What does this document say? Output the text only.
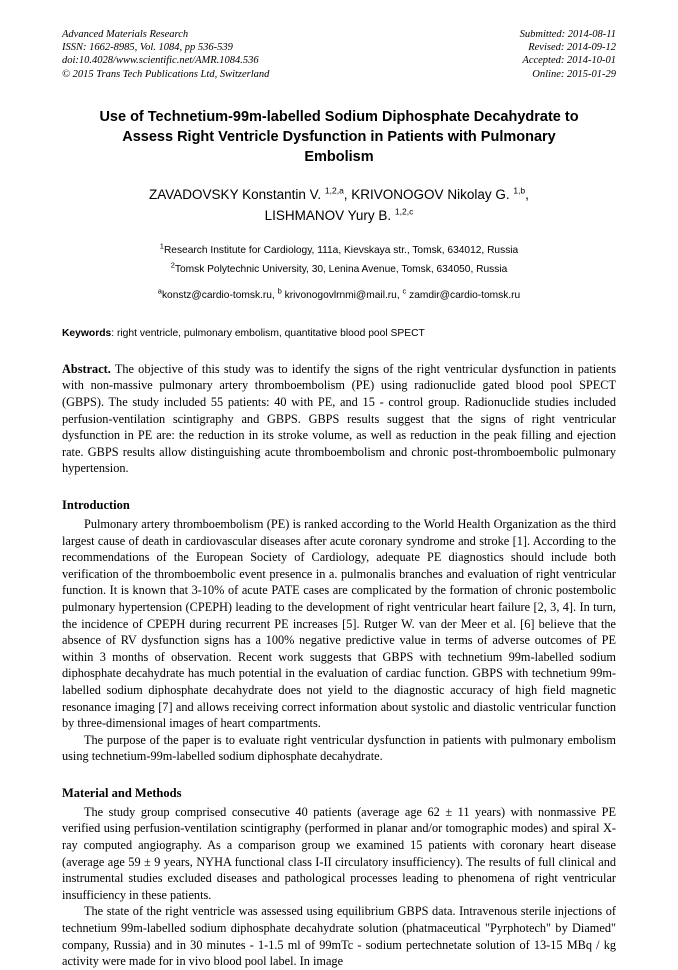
Advanced Materials Research
ISSN: 1662-8985, Vol. 1084, pp 536-539
doi:10.4028/www.scientific.net/AMR.1084.536
© 2015 Trans Tech Publications Ltd, Switzerland
Submitted: 2014-08-11
Revised: 2014-09-12
Accepted: 2014-10-01
Online: 2015-01-29
Use of Technetium-99m-labelled Sodium Diphosphate Decahydrate to Assess Right Ventricle Dysfunction in Patients with Pulmonary Embolism
ZAVADOVSKY Konstantin V. $^{1,2,a}$, KRIVONOGOV Nikolay G. $^{1,b}$,
LISHMANOV Yury B. $^{1,2,c}$
$^1$Research Institute for Cardiology, 111a, Kievskaya str., Tomsk, 634012, Russia
$^2$Tomsk Polytechnic University, 30, Lenina Avenue, Tomsk, 634050, Russia
$^a$konstz@cardio-tomsk.ru, $^b$ krivonogovlrnmi@mail.ru, $^c$ zamdir@cardio-tomsk.ru
Keywords: right ventricle, pulmonary embolism, quantitative blood pool SPECT
Abstract. The objective of this study was to identify the signs of the right ventricular dysfunction in patients with non-massive pulmonary artery thromboembolism (PE) using radionuclide gated blood pool SPECT (GBPS). The study included 55 patients: 40 with PE, and 15 - control group. Radionuclide studies included perfusion-ventilation scintigraphy and GBPS. GBPS results suggest that the signs of right ventricular dysfunction in PE are: the reduction in its stroke volume, as well as reduction in the peak filling and ejection rate. GBPS results allow distinguishing acute thromboembolism and chronic post-thromboembolic pulmonary hypertension.
Introduction

Pulmonary artery thromboembolism (PE) is ranked according to the World Health Organization as the third largest cause of death in cardiovascular diseases after acute coronary syndrome and stroke [1]. According to the recommendations of the European Society of Cardiology, adequate PE diagnostics should include both verification of the thromboembolic event presence in a. pulmonalis branches and evaluation of right ventricular function. It is known that 3-10% of acute PATE cases are complicated by the formation of chronic postembolic pulmonary hypertension (CPEPH) leading to the development of right ventricular heart failure [2, 3, 4]. In turn, the incidence of CPEPH during recurrent PE increases [5]. Rutger W. van der Meer et al. [6] believe that the absence of RV dysfunction signs has a 100% negative predictive value in terms of adverse outcomes of PE within 3 months of observation. Recent work suggests that GBPS with technetium 99m-labelled sodium diphosphate decahydrate has much potential in the evaluation of cardiac function. GBPS with technetium 99m-labelled sodium diphosphate decahydrate does not yield to the diagnostic accuracy of high field magnetic resonance imaging [7] and allows receiving correct information about systolic and diastolic ventricular function by three-dimensional images of heart compartments.

The purpose of the paper is to evaluate right ventricular dysfunction in patients with pulmonary embolism using technetium-99m-labelled sodium diphosphate decahydrate.

Material and Methods

The study group comprised consecutive 40 patients (average age 62 ± 11 years) with nonmassive PE verified using perfusion-ventilation scintigraphy (performed in planar and/or tomographic modes) and spiral X-ray computed angiography. As a comparison group we examined 15 patients with coronary heart disease (average age 59 ± 9 years, NYHA functional class I-II circulatory insufficiency). The results of full clinical and instrumental studies excluded diseases and pathological processes leading to phenomena of right ventricular insufficiency in these patients.

The state of the right ventricle was assessed using equilibrium GBPS data. Intravenous sterile injections of technetium 99m-labelled sodium diphosphate decahydrate solution (phatmaceutical "Pyrphotech" by Diamed" company, Russia) and in 30 minutes - 1-1.5 ml of 99mTc - sodium pertechnetate solution of 13-15 MBq / kg activity were made for in vivo blood pool label. In image
